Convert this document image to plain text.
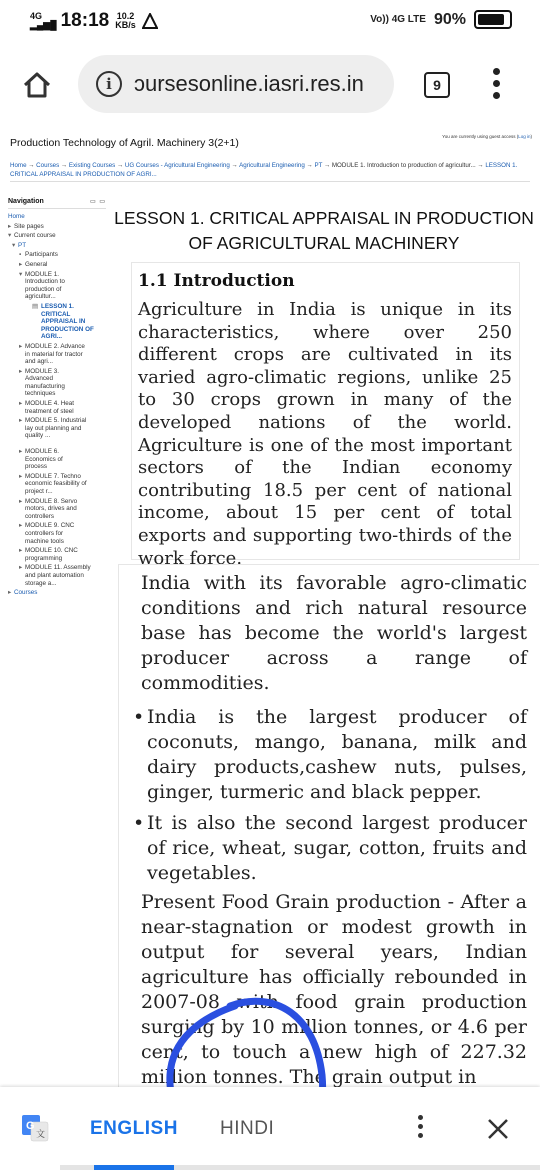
4G
▂▄▆█ 18:18 10.2
KB/s	Vo)) 4G LTE 90%
i	ɔursesonline.iasri.res.in	9
Production Technology of Agril. Machinery 3(2+1)
You are currently using guest access (Log in)
Home → Courses → Existing Courses → UG Courses - Agricultural Engineering → Agricultural Engineering → PT → MODULE 1. Introduction to production of agricultur... → LESSON 1. CRITICAL APPRAISAL IN PRODUCTION OF AGRI...
Navigation	▭ ▭
Home
▸ Site pages
▾ Current course
▾ PT
▪ Participants
▸ General
▾ MODULE 1. Introduction to production of agricultur...
▤ LESSON 1. CRITICAL APPRAISAL IN PRODUCTION OF AGRI...
▸ MODULE 2. Advance in material for tractor and agri...
▸ MODULE 3. Advanced manufacturing techniques
▸ MODULE 4. Heat treatment of steel
▸ MODULE 5. Industrial lay out planning and quality ...
▸ MODULE 6. Economics of process
▸ MODULE 7. Techno economic feasibility of project r...
▸ MODULE 8. Servo motors, drives and controllers
▸ MODULE 9. CNC controllers for machine tools
▸ MODULE 10. CNC programming
▸ MODULE 11. Assembly and plant automation storage a...
▸ Courses
LESSON 1. CRITICAL APPRAISAL IN PRODUCTION OF AGRICULTURAL MACHINERY
1.1 Introduction
Agriculture in India is unique in its characteristics, where over 250 different crops are cultivated in its varied agro-climatic regions, unlike 25 to 30 crops grown in many of the developed nations of the world. Agriculture is one of the most important sectors of the Indian economy contributing 18.5 per cent of national income, about 15 per cent of total exports and supporting two-thirds of the work force.
India with its favorable agro-climatic conditions and rich natural resource base has become the world's largest producer across a range of commodities.
• India is the largest producer of coconuts, mango, banana, milk and dairy products,cashew nuts, pulses, ginger, turmeric and black pepper.
• It is also the second largest producer of rice, wheat, sugar, cotton, fruits and vegetables.
Present Food Grain production - After a near-stagnation or modest growth in output for several years, Indian agriculture has officially rebounded in 2007-08 with food grain production surging by 10 million tonnes, or 4.6 per cent, to touch a new high of 227.32 million tonnes. The grain output in
G
文 ENGLISH HINDI
